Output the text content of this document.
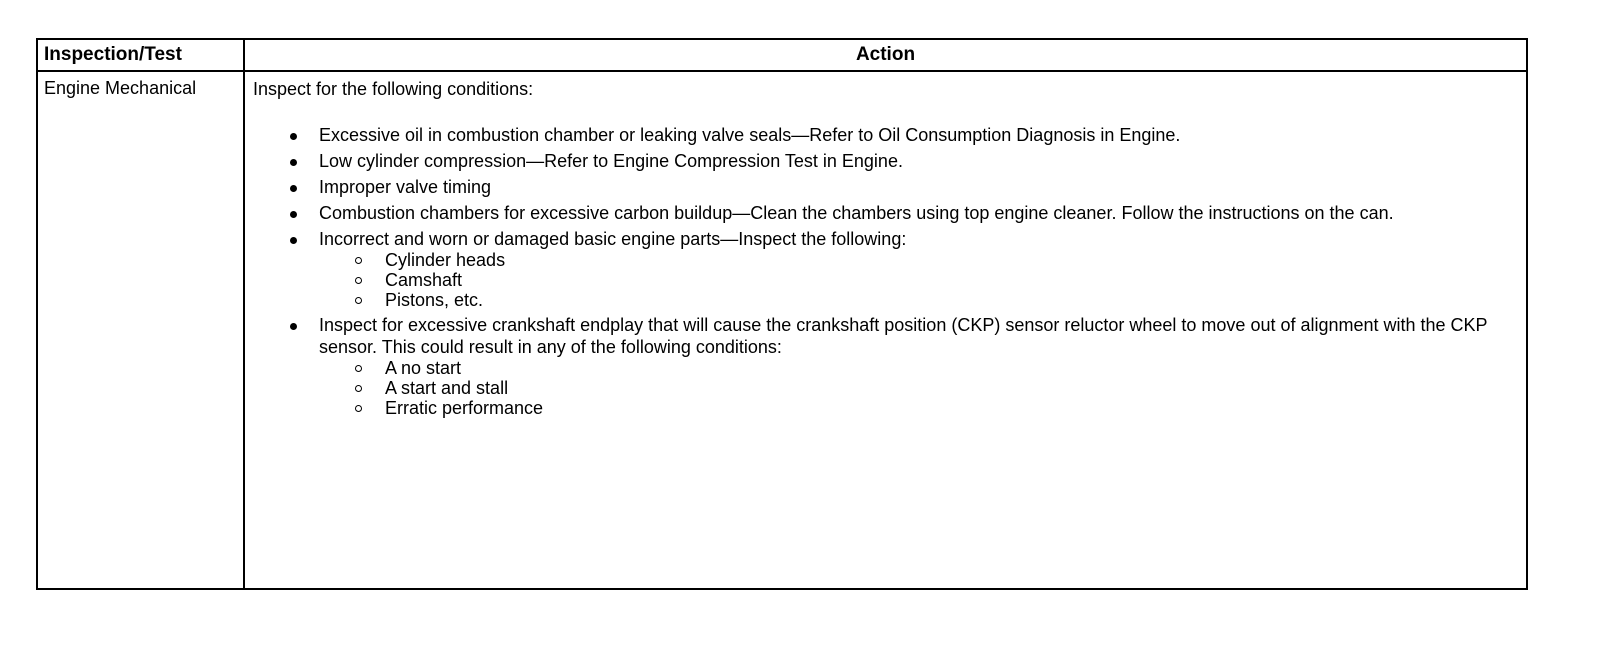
Inspection/Test	Action
Engine Mechanical	Inspect for the following conditions:

Excessive oil in combustion chamber or leaking valve seals—Refer to Oil Consumption Diagnosis in Engine.
Low cylinder compression—Refer to Engine Compression Test in Engine.
Improper valve timing
Combustion chambers for excessive carbon buildup—Clean the chambers using top engine cleaner. Follow the instructions on the can.
Incorrect and worn or damaged basic engine parts—Inspect the following:
Cylinder heads
Camshaft
Pistons, etc.
Inspect for excessive crankshaft endplay that will cause the crankshaft position (CKP) sensor reluctor wheel to move out of alignment with the CKP sensor. This could result in any of the following conditions:
A no start
A start and stall
Erratic performance
